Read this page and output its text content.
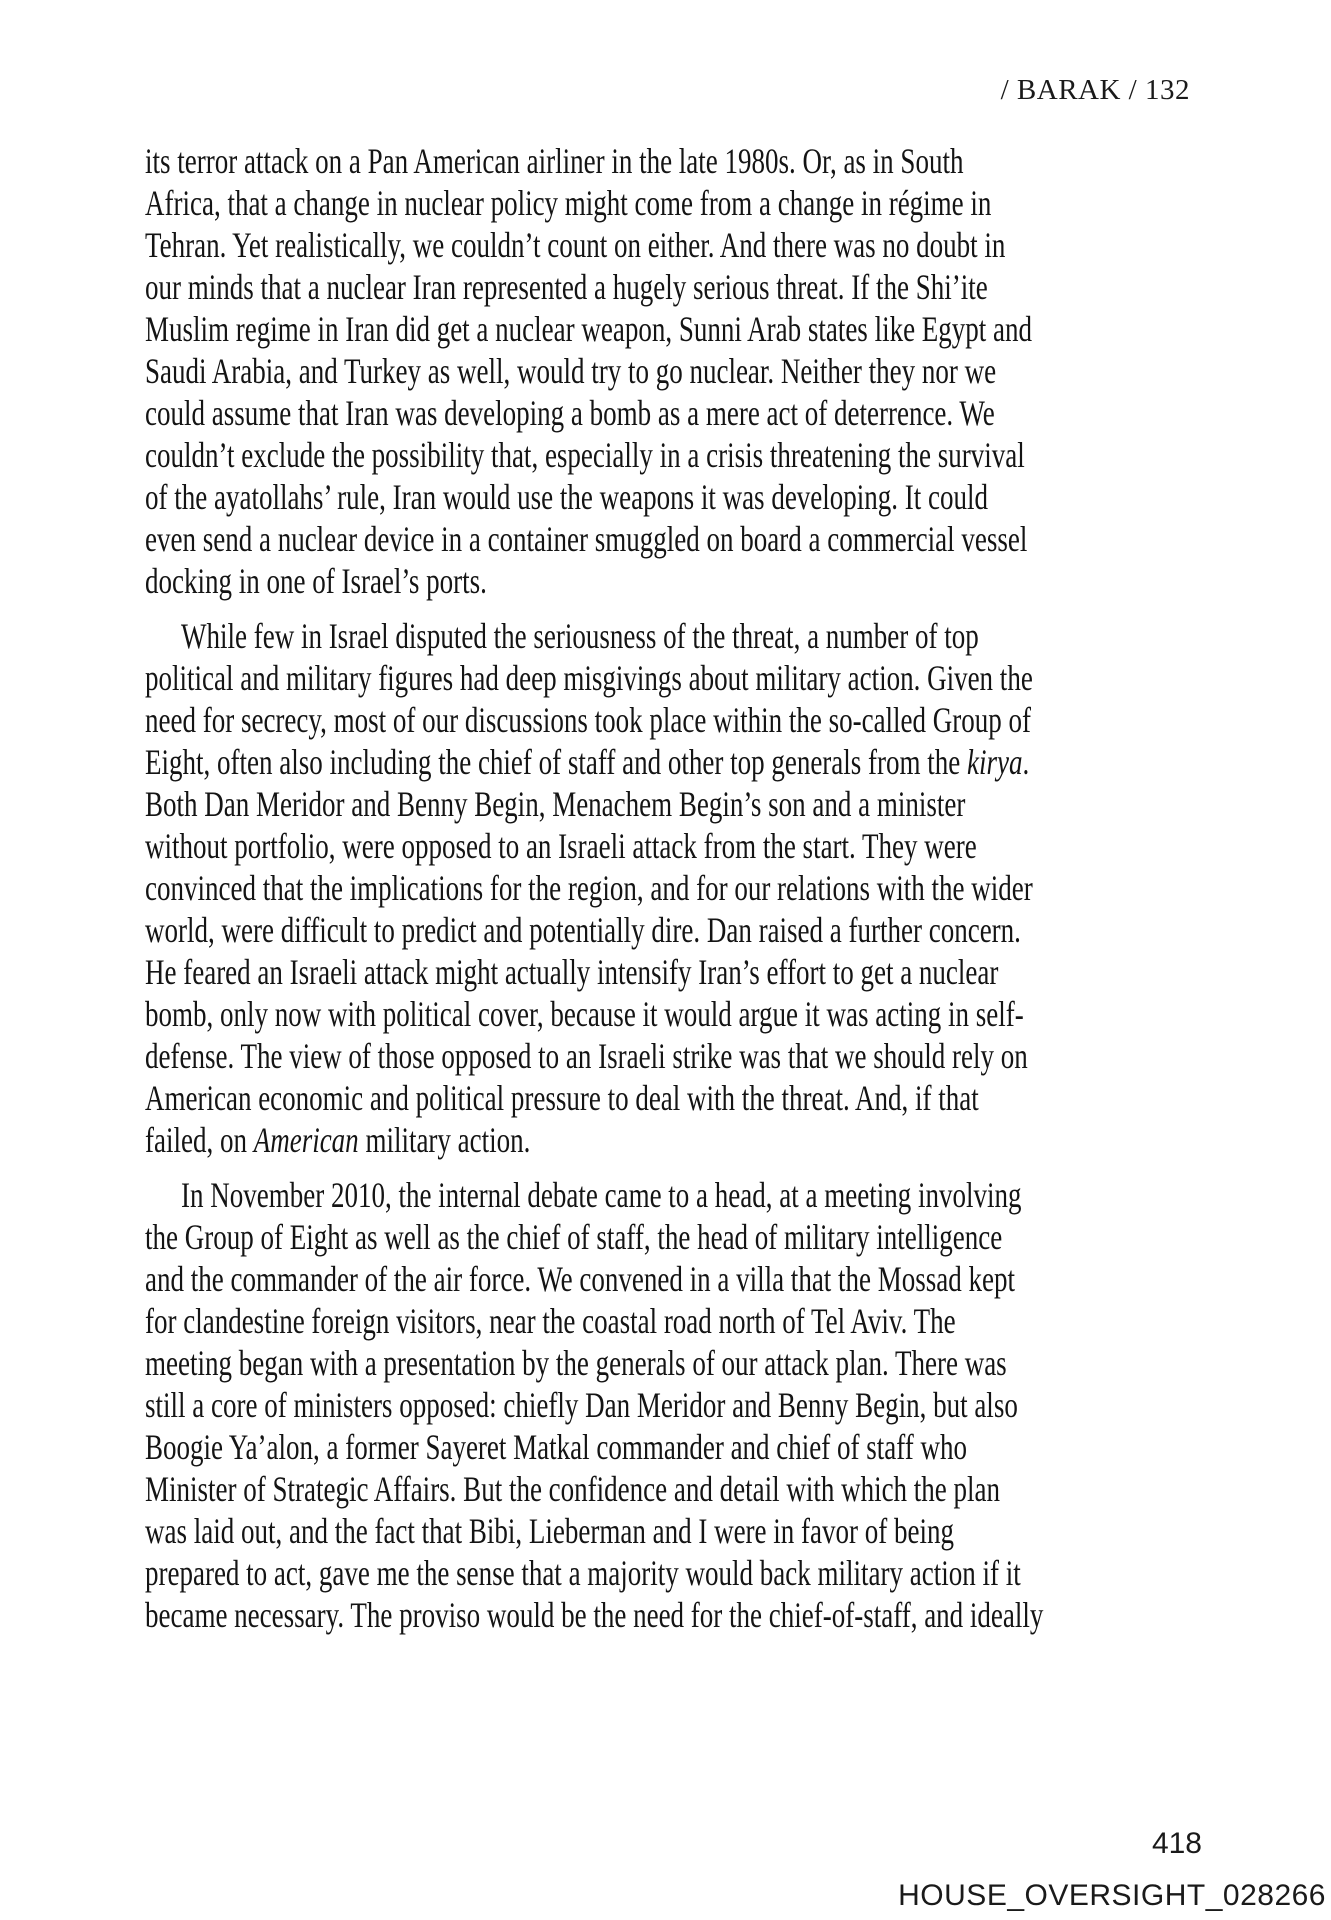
/ BARAK / 132
its terror attack on a Pan American airliner in the late 1980s. Or, as in South
Africa, that a change in nuclear policy might come from a change in régime in
Tehran. Yet realistically, we couldn’t count on either. And there was no doubt in
our minds that a nuclear Iran represented a hugely serious threat. If the Shi’ite
Muslim regime in Iran did get a nuclear weapon, Sunni Arab states like Egypt and
Saudi Arabia, and Turkey as well, would try to go nuclear. Neither they nor we
could assume that Iran was developing a bomb as a mere act of deterrence. We
couldn’t exclude the possibility that, especially in a crisis threatening the survival
of the ayatollahs’ rule, Iran would use the weapons it was developing. It could
even send a nuclear device in a container smuggled on board a commercial vessel
docking in one of Israel’s ports.
While few in Israel disputed the seriousness of the threat, a number of top
political and military figures had deep misgivings about military action. Given the
need for secrecy, most of our discussions took place within the so-called Group of
Eight, often also including the chief of staff and other top generals from the kirya.
Both Dan Meridor and Benny Begin, Menachem Begin’s son and a minister
without portfolio, were opposed to an Israeli attack from the start. They were
convinced that the implications for the region, and for our relations with the wider
world, were difficult to predict and potentially dire. Dan raised a further concern.
He feared an Israeli attack might actually intensify Iran’s effort to get a nuclear
bomb, only now with political cover, because it would argue it was acting in self-
defense. The view of those opposed to an Israeli strike was that we should rely on
American economic and political pressure to deal with the threat. And, if that
failed, on American military action.
In November 2010, the internal debate came to a head, at a meeting involving
the Group of Eight as well as the chief of staff, the head of military intelligence
and the commander of the air force. We convened in a villa that the Mossad kept
for clandestine foreign visitors, near the coastal road north of Tel Aviv. The
meeting began with a presentation by the generals of our attack plan. There was
still a core of ministers opposed: chiefly Dan Meridor and Benny Begin, but also
Boogie Ya’alon, a former Sayeret Matkal commander and chief of staff who
Minister of Strategic Affairs. But the confidence and detail with which the plan
was laid out, and the fact that Bibi, Lieberman and I were in favor of being
prepared to act, gave me the sense that a majority would back military action if it
became necessary. The proviso would be the need for the chief-of-staff, and ideally
418
HOUSE_OVERSIGHT_028266
